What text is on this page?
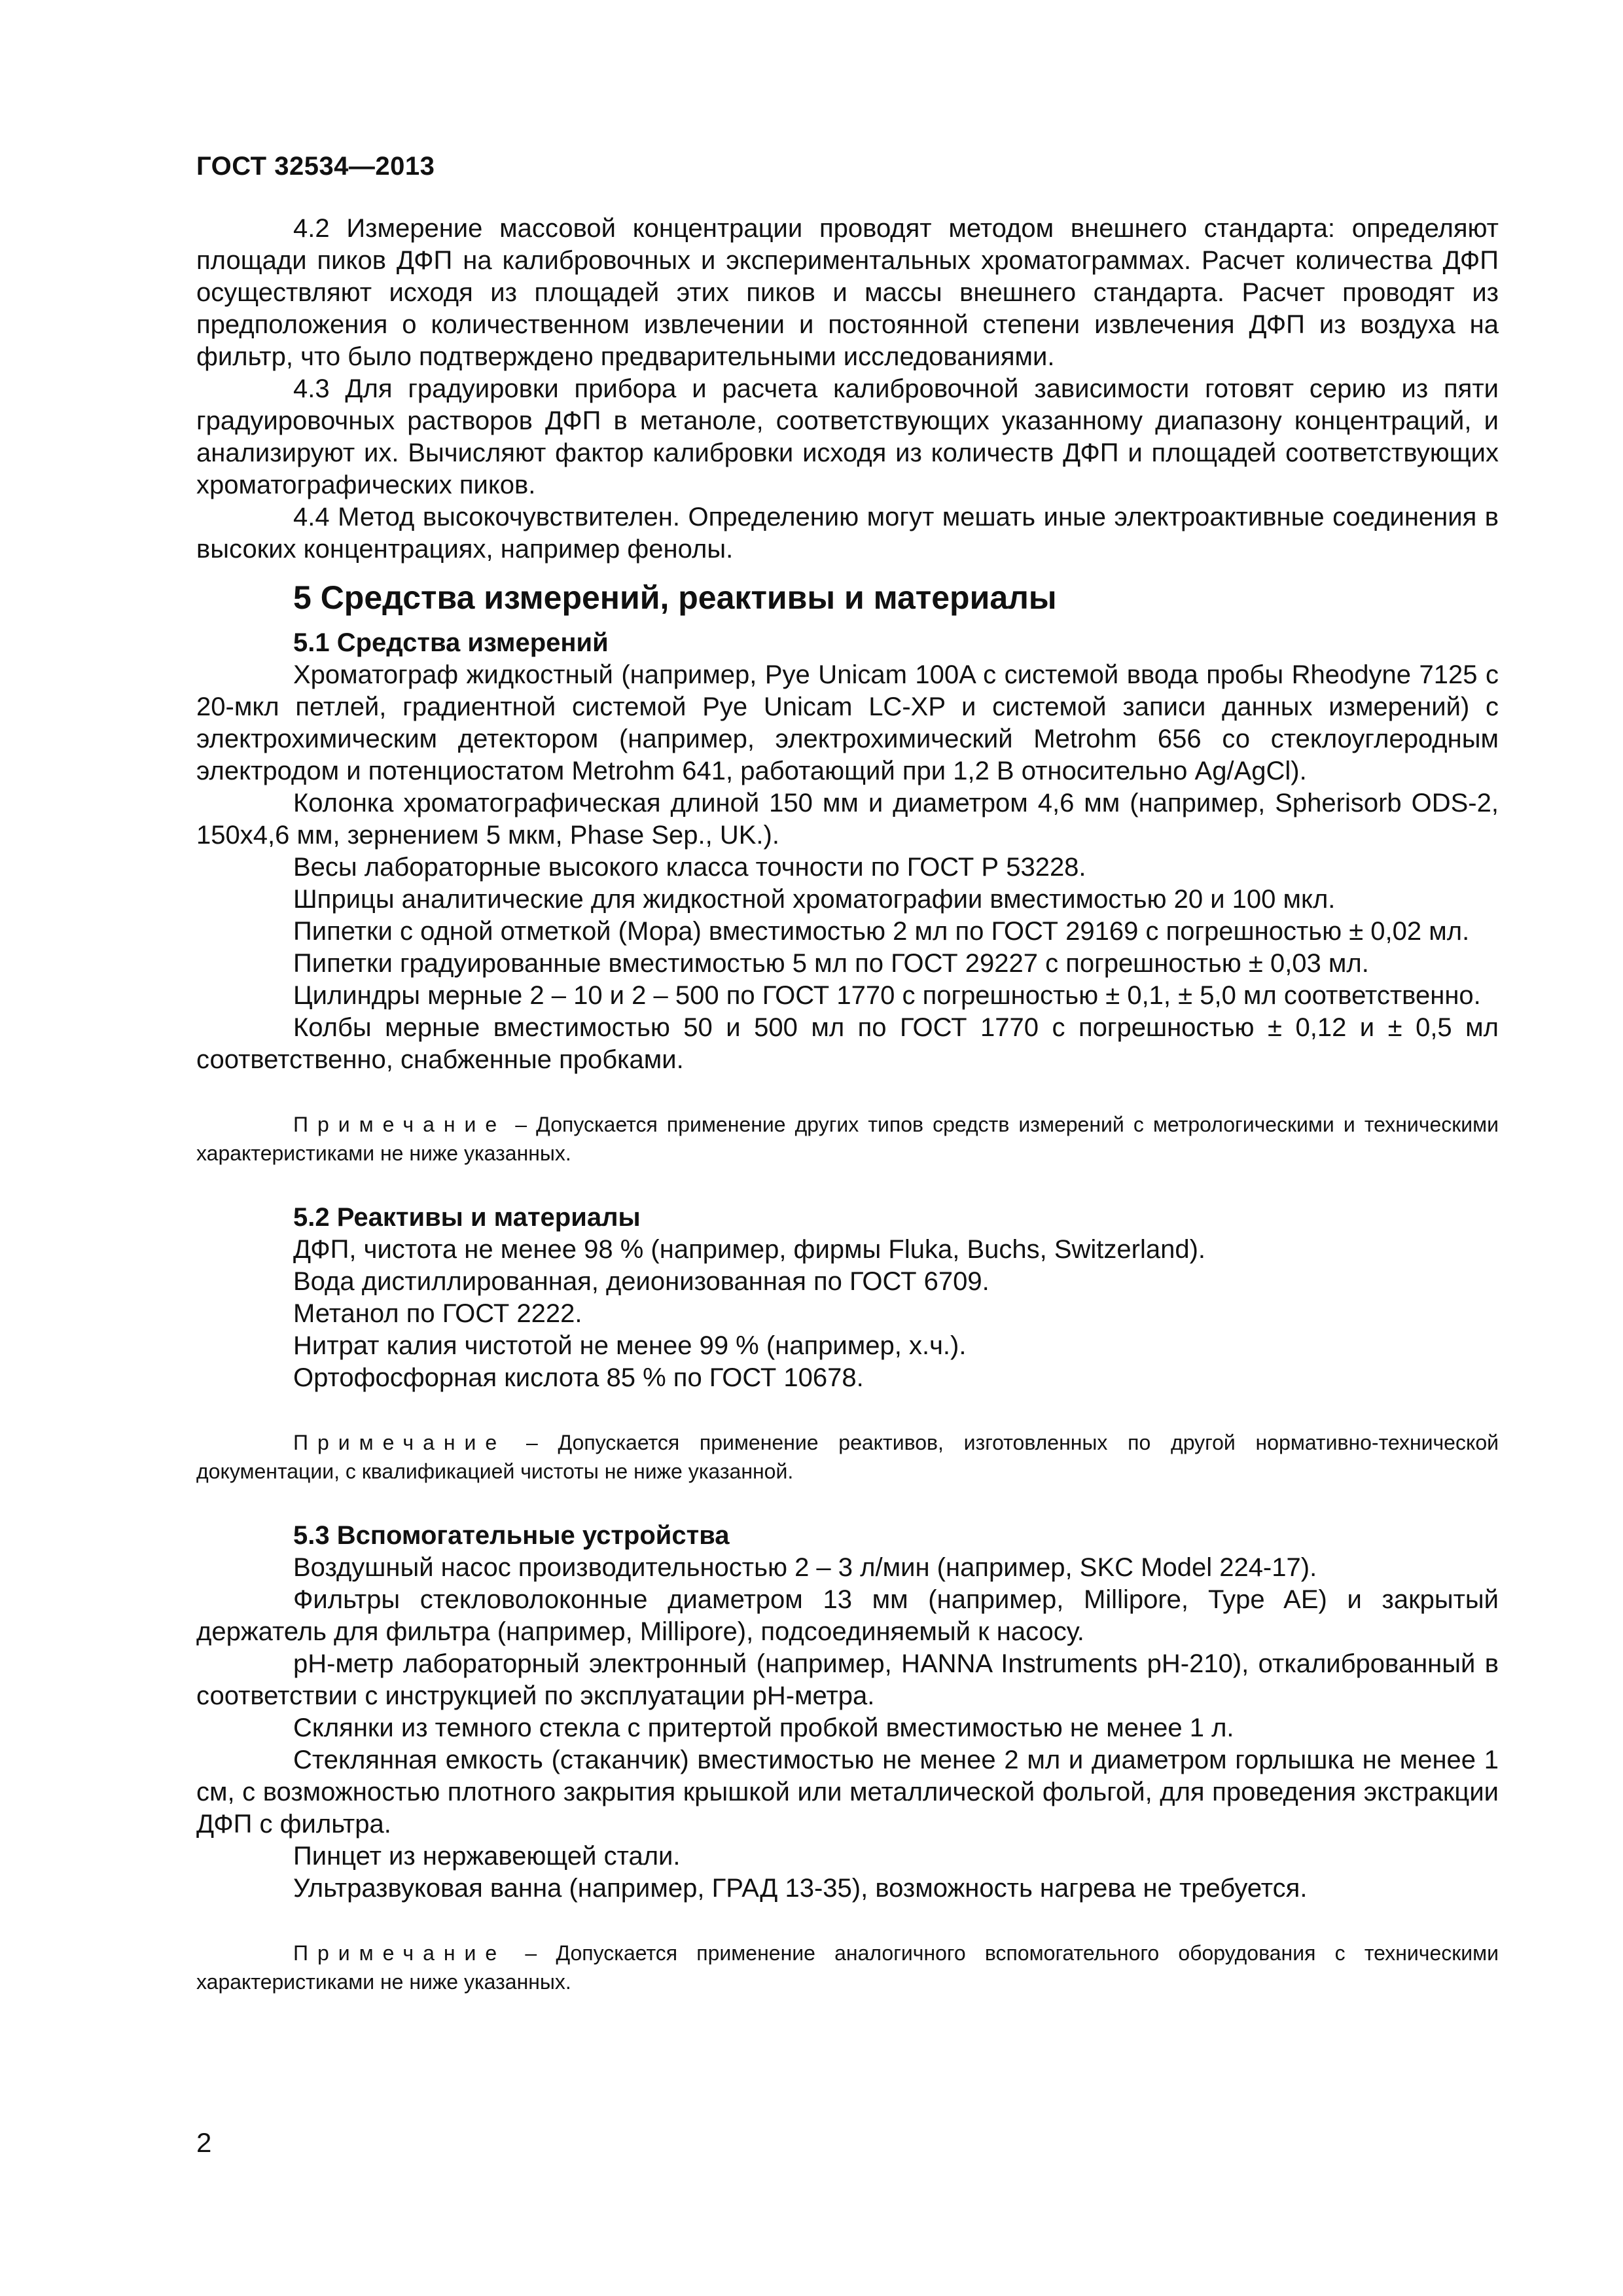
ГОСТ 32534—2013

4.2 Измерение массовой концентрации проводят методом внешнего стандарта: определяют площади пиков ДФП на калибровочных и экспериментальных хроматограммах. Расчет количества ДФП осуществляют исходя из площадей этих пиков и массы внешнего стандарта. Расчет проводят из предположения о количественном извлечении и постоянной степени извлечения ДФП из воздуха на фильтр, что было подтверждено предварительными исследованиями.

4.3 Для градуировки прибора и расчета калибровочной зависимости готовят серию из пяти градуировочных растворов ДФП в метаноле, соответствующих указанному диапазону концентраций, и анализируют их. Вычисляют фактор калибровки исходя из количеств ДФП и площадей соответствующих хроматографических пиков.

4.4 Метод высокочувствителен. Определению могут мешать иные электроактивные соединения в высоких концентрациях, например фенолы.

5 Средства измерений, реактивы и материалы

5.1 Средства измерений

Хроматограф жидкостный (например, Pye Unicam 100A с системой ввода пробы Rheodyne 7125 с 20-мкл петлей, градиентной системой Pye Unicam LC-XP и системой записи данных измерений) с электрохимическим детектором (например, электрохимический Metrohm 656 со стеклоуглеродным электродом и потенциостатом Metrohm 641, работающий при 1,2 В относительно Ag/AgCl).

Колонка хроматографическая длиной 150 мм и диаметром 4,6 мм (например, Spherisorb ODS-2, 150x4,6 мм, зернением 5 мкм, Phase Sep., UK.).

Весы лабораторные высокого класса точности по ГОСТ Р 53228.

Шприцы аналитические для жидкостной хроматографии вместимостью 20 и 100 мкл.

Пипетки с одной отметкой (Мора) вместимостью 2 мл по ГОСТ 29169 с погрешностью ± 0,02 мл.

Пипетки градуированные вместимостью 5 мл по ГОСТ 29227 с погрешностью ± 0,03 мл.

Цилиндры мерные 2 – 10 и 2 – 500 по ГОСТ 1770 с погрешностью ± 0,1, ± 5,0 мл соответственно.

Колбы мерные вместимостью 50 и 500 мл по ГОСТ 1770 с погрешностью ± 0,12 и ± 0,5 мл соответственно, снабженные пробками.

Примечание – Допускается применение других типов средств измерений с метрологическими и техническими характеристиками не ниже указанных.

5.2 Реактивы и материалы

ДФП, чистота не менее 98 % (например, фирмы Fluka, Buchs, Switzerland).

Вода дистиллированная, деионизованная по ГОСТ 6709.

Метанол по ГОСТ 2222.

Нитрат калия чистотой не менее 99 % (например, х.ч.).

Ортофосфорная кислота 85 % по ГОСТ 10678.

Примечание – Допускается применение реактивов, изготовленных по другой нормативно-технической документации, с квалификацией чистоты не ниже указанной.

5.3 Вспомогательные устройства

Воздушный насос производительностью 2 – 3 л/мин (например, SKC Model 224-17).

Фильтры стекловолоконные диаметром 13 мм (например, Millipore, Type AE) и закрытый держатель для фильтра (например, Millipore), подсоединяемый к насосу.

pH-метр лабораторный электронный (например, HANNA Instruments pH-210), откалиброванный в соответствии с инструкцией по эксплуатации pH-метра.

Склянки из темного стекла с притертой пробкой вместимостью не менее 1 л.

Стеклянная емкость (стаканчик) вместимостью не менее 2 мл и диаметром горлышка не менее 1 см, с возможностью плотного закрытия крышкой или металлической фольгой, для проведения экстракции ДФП с фильтра.

Пинцет из нержавеющей стали.

Ультразвуковая ванна (например, ГРАД 13-35), возможность нагрева не требуется.

Примечание – Допускается применение аналогичного вспомогательного оборудования с техническими характеристиками не ниже указанных.

2
